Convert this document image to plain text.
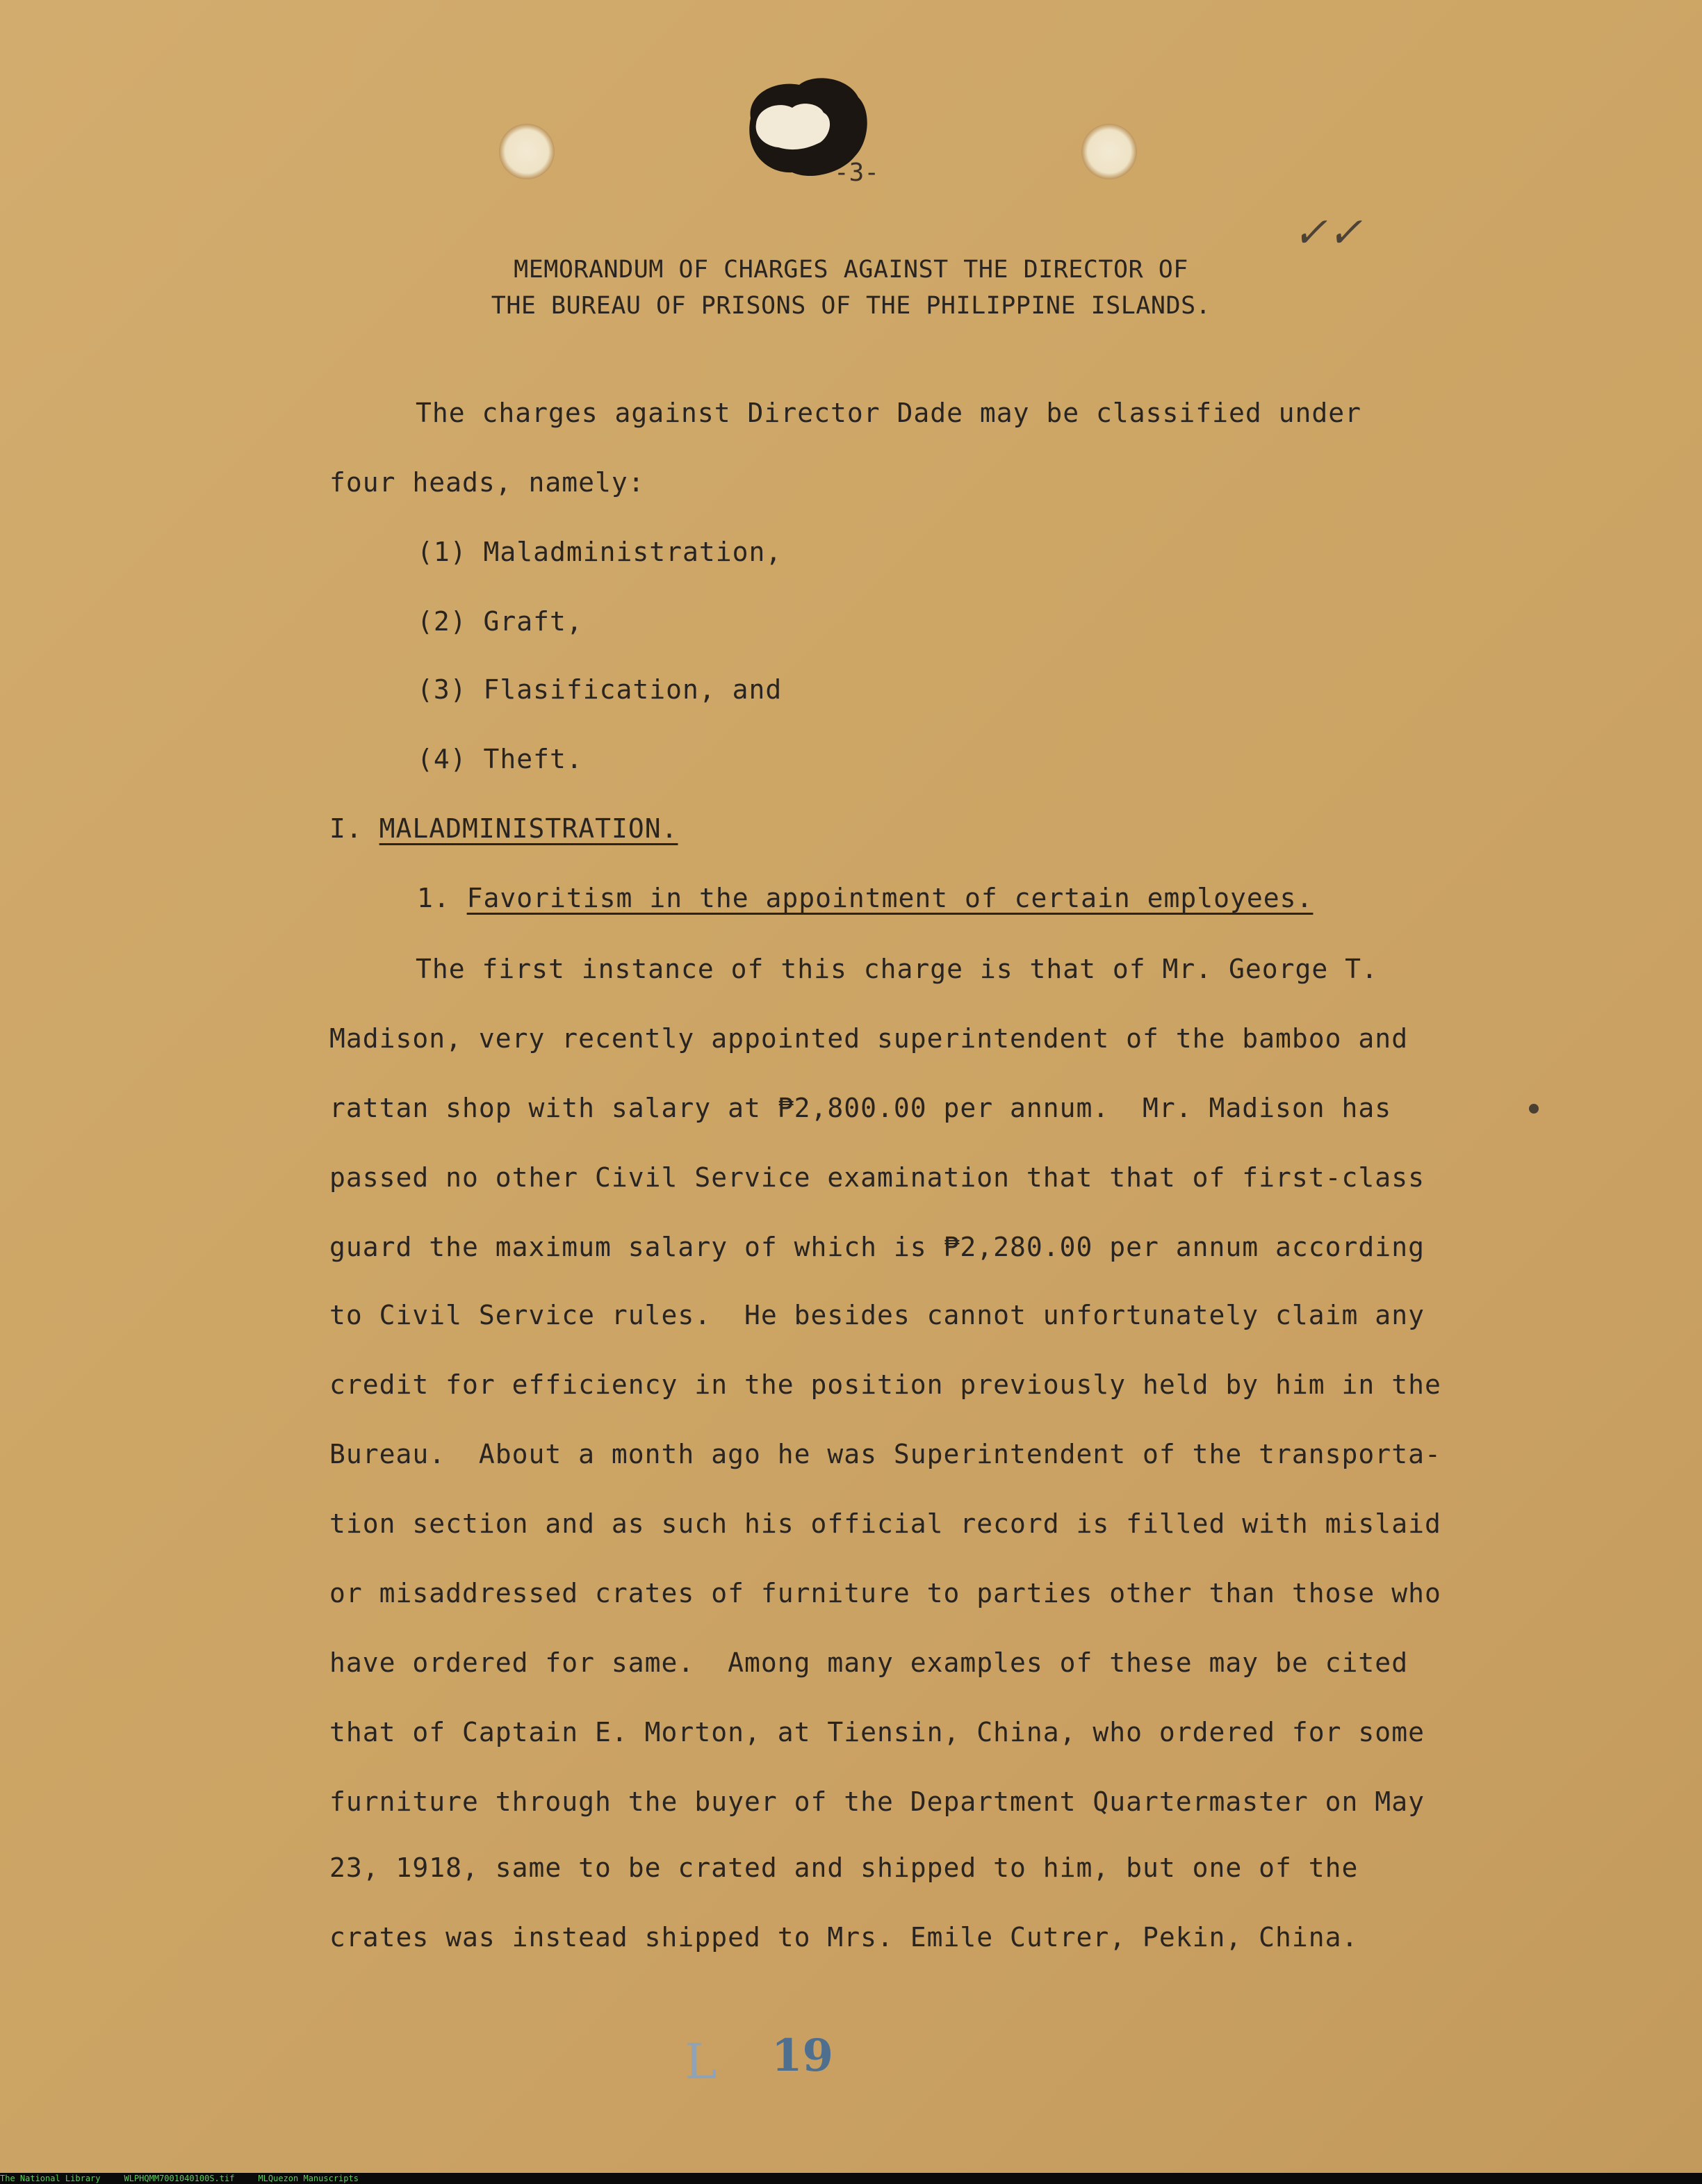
-3-
✓✓
MEMORANDUM OF CHARGES AGAINST THE DIRECTOR OF
THE BUREAU OF PRISONS OF THE PHILIPPINE ISLANDS.
The charges against Director Dade may be classified under
four heads, namely:
(1) Maladministration,
(2) Graft,
(3) Flasification, and
(4) Theft.
I. MALADMINISTRATION.
1. Favoritism in the appointment of certain employees.
The first instance of this charge is that of Mr. George T.
Madison, very recently appointed superintendent of the bamboo and
rattan shop with salary at ₱2,800.00 per annum.  Mr. Madison has
passed no other Civil Service examination that that of first-class
guard the maximum salary of which is ₱2,280.00 per annum according
to Civil Service rules.  He besides cannot unfortunately claim any
credit for efficiency in the position previously held by him in the
Bureau.  About a month ago he was Superintendent of the transporta-
tion section and as such his official record is filled with mislaid
or misaddressed crates of furniture to parties other than those who
have ordered for same.  Among many examples of these may be cited
that of Captain E. Morton, at Tiensin, China, who ordered for some
furniture through the buyer of the Department Quartermaster on May
23, 1918, same to be crated and shipped to him, but one of the
crates was instead shipped to Mrs. Emile Cutrer, Pekin, China.
L 19
The National Library	WLPHQMM7001040100S.tif	MLQuezon Manuscripts
